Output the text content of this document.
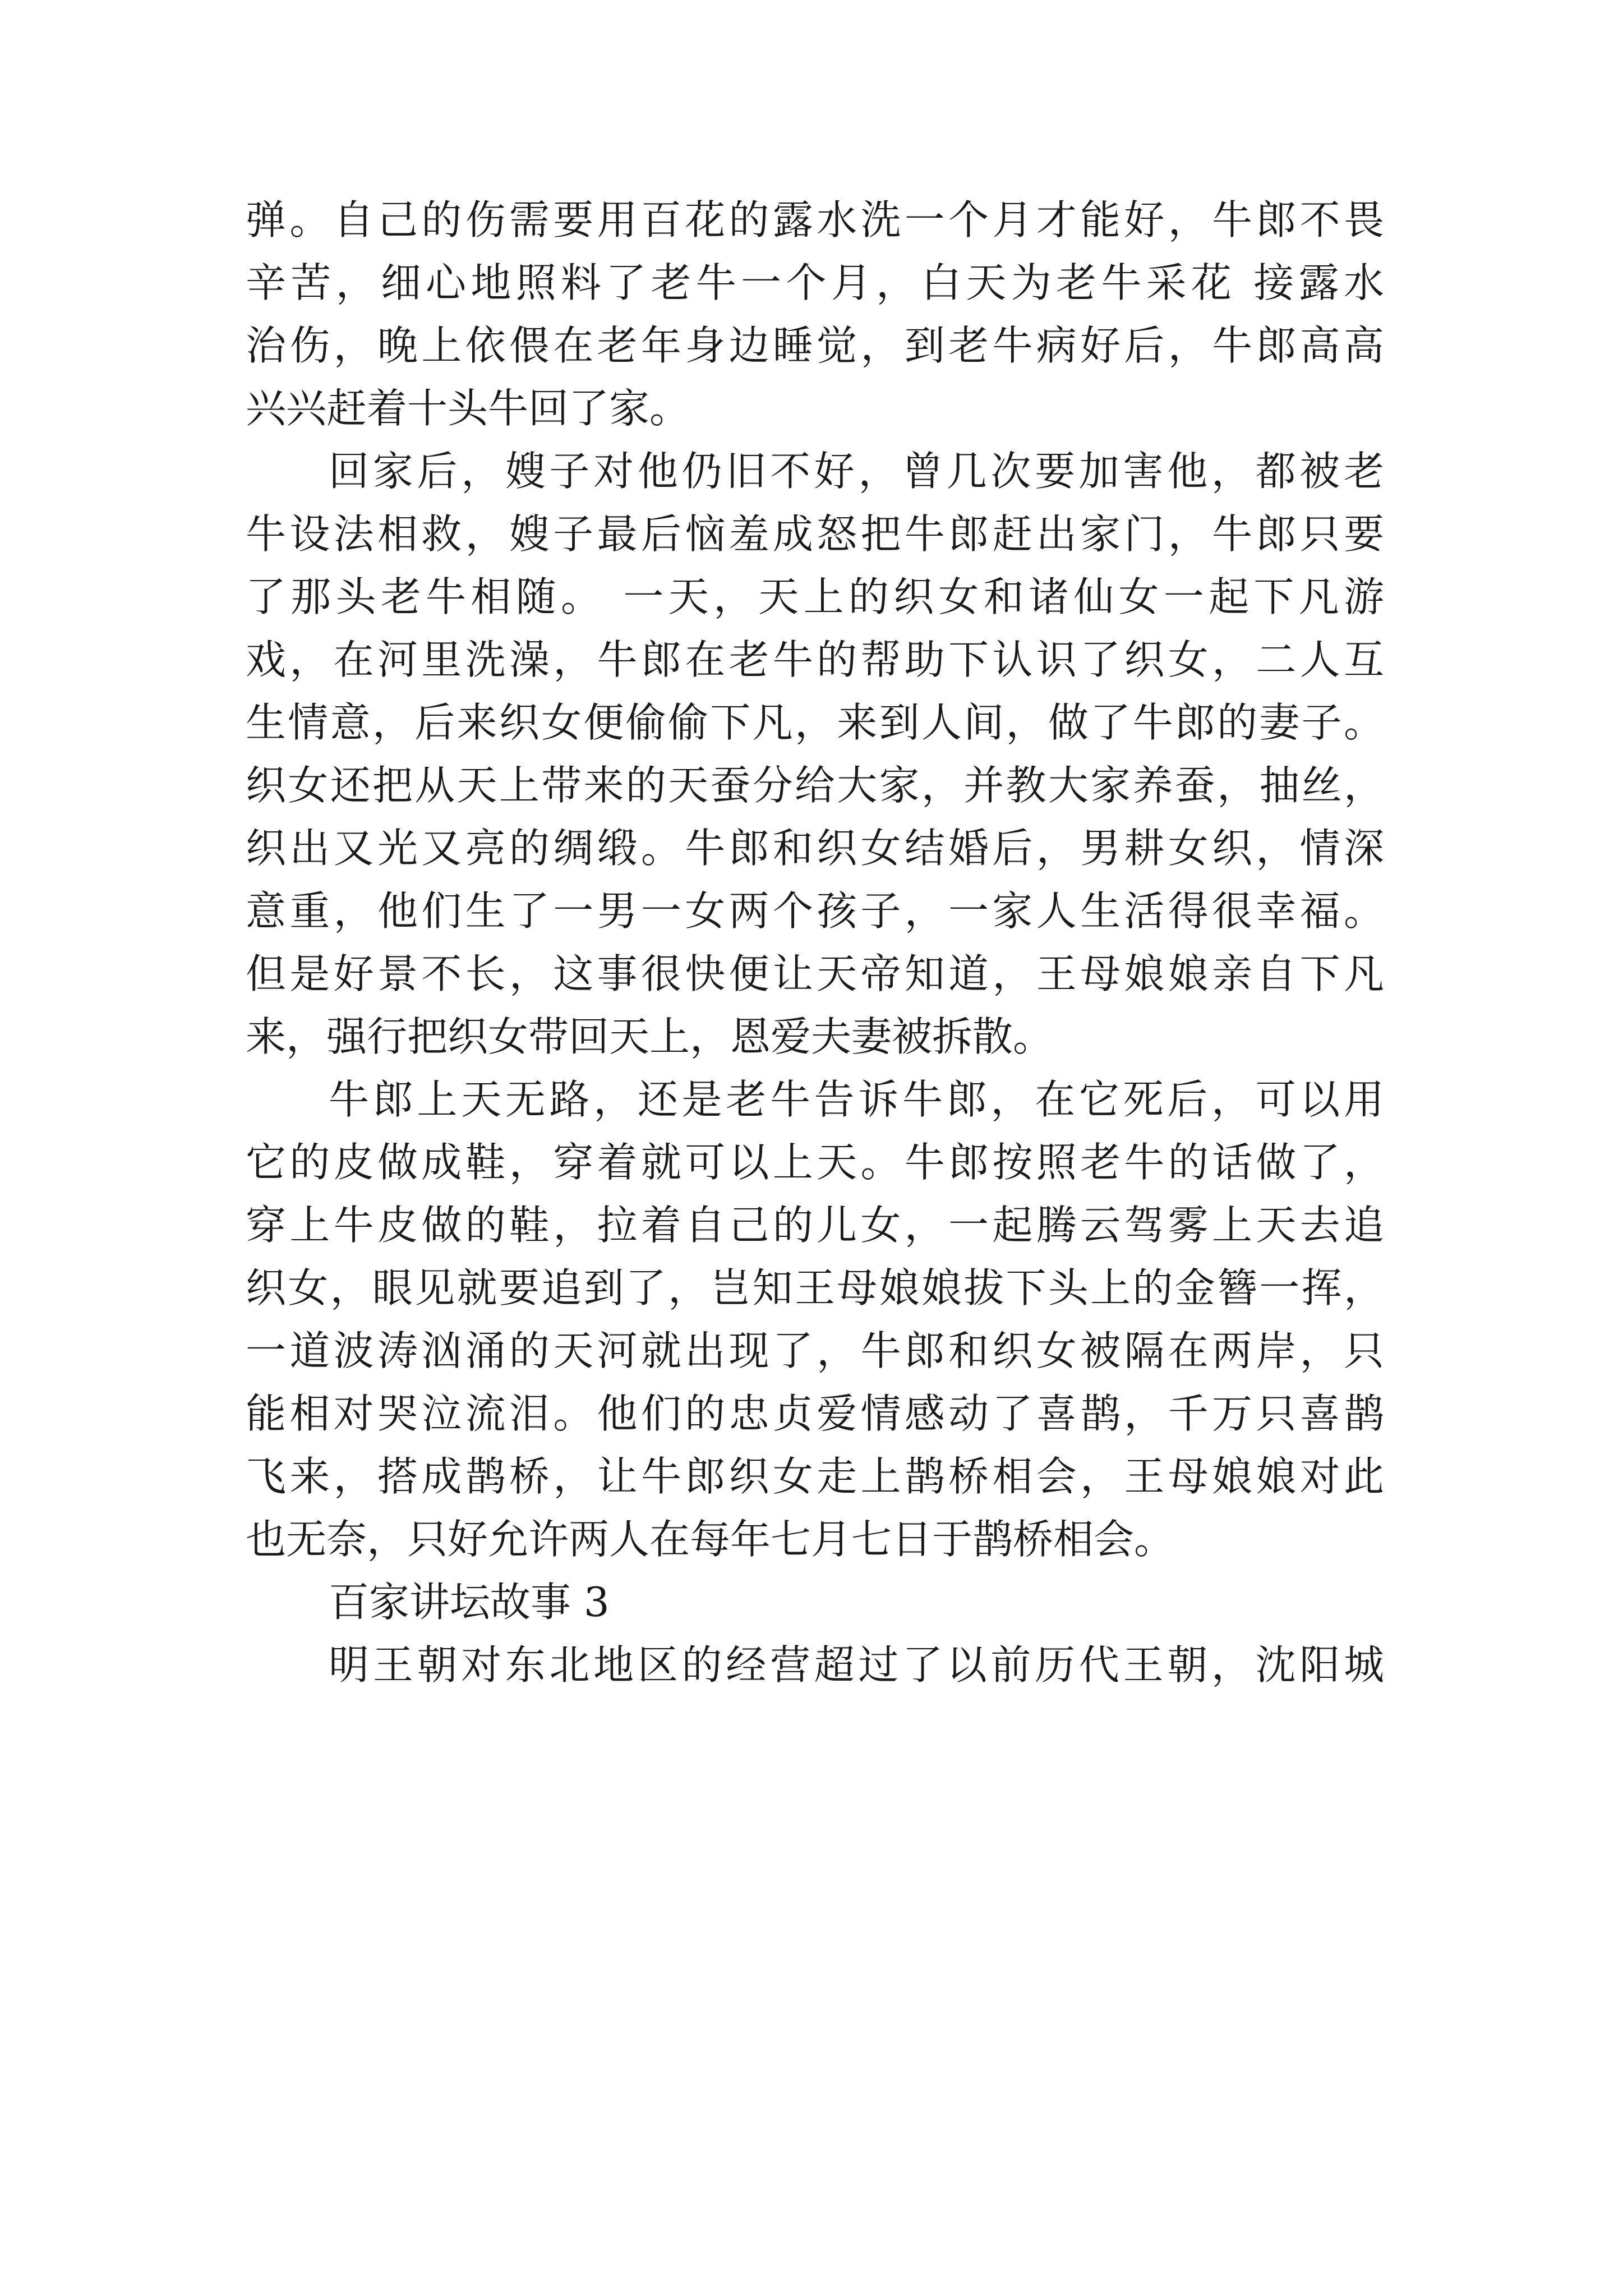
弹。自己的伤需要用百花的露水洗一个月才能好，牛郎不畏
辛苦，细心地照料了老牛一个月，白天为老牛采花 接露水
治伤，晚上依偎在老年身边睡觉，到老牛病好后，牛郎高高
兴兴赶着十头牛回了家。
回家后，嫂子对他仍旧不好，曾几次要加害他，都被老
牛设法相救，嫂子最后恼羞成怒把牛郎赶出家门，牛郎只要
了那头老牛相随。 一天，天上的织女和诸仙女一起下凡游
戏，在河里洗澡，牛郎在老牛的帮助下认识了织女，二人互
生情意，后来织女便偷偷下凡，来到人间，做了牛郎的妻子。
织女还把从天上带来的天蚕分给大家，并教大家养蚕，抽丝，
织出又光又亮的绸缎。牛郎和织女结婚后，男耕女织，情深
意重，他们生了一男一女两个孩子，一家人生活得很幸福。
但是好景不长，这事很快便让天帝知道，王母娘娘亲自下凡
来，强行把织女带回天上，恩爱夫妻被拆散。
牛郎上天无路，还是老牛告诉牛郎，在它死后，可以用
它的皮做成鞋，穿着就可以上天。牛郎按照老牛的话做了，
穿上牛皮做的鞋，拉着自己的儿女，一起腾云驾雾上天去追
织女，眼见就要追到了，岂知王母娘娘拔下头上的金簪一挥，
一道波涛汹涌的天河就出现了，牛郎和织女被隔在两岸，只
能相对哭泣流泪。他们的忠贞爱情感动了喜鹊，千万只喜鹊
飞来，搭成鹊桥，让牛郎织女走上鹊桥相会，王母娘娘对此
也无奈，只好允许两人在每年七月七日于鹊桥相会。
百家讲坛故事 3
明王朝对东北地区的经营超过了以前历代王朝，沈阳城
